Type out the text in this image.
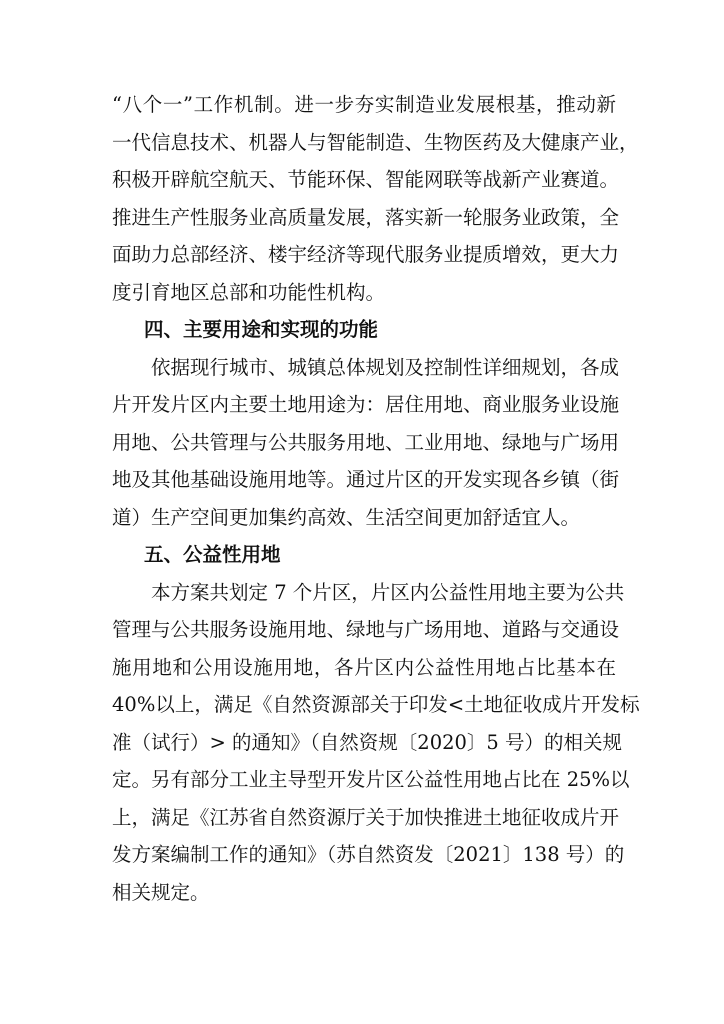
“八个一”工作机制。进一步夯实制造业发展根基，推动新
一代信息技术、机器人与智能制造、生物医药及大健康产业，
积极开辟航空航天、节能环保、智能网联等战新产业赛道。
推进生产性服务业高质量发展，落实新一轮服务业政策，全
面助力总部经济、楼宇经济等现代服务业提质增效，更大力
度引育地区总部和功能性机构。
四、主要用途和实现的功能
依据现行城市、城镇总体规划及控制性详细规划，各成
片开发片区内主要土地用途为：居住用地、商业服务业设施
用地、公共管理与公共服务用地、工业用地、绿地与广场用
地及其他基础设施用地等。通过片区的开发实现各乡镇（街
道）生产空间更加集约高效、生活空间更加舒适宜人。
五、公益性用地
本方案共划定 7 个片区，片区内公益性用地主要为公共
管理与公共服务设施用地、绿地与广场用地、道路与交通设
施用地和公用设施用地，各片区内公益性用地占比基本在
40%以上，满足《自然资源部关于印发<土地征收成片开发标
准（试行）> 的通知》（自然资规〔2020〕5 号）的相关规
定。另有部分工业主导型开发片区公益性用地占比在 25%以
上，满足《江苏省自然资源厅关于加快推进土地征收成片开
发方案编制工作的通知》（苏自然资发〔2021〕138 号）的
相关规定。
